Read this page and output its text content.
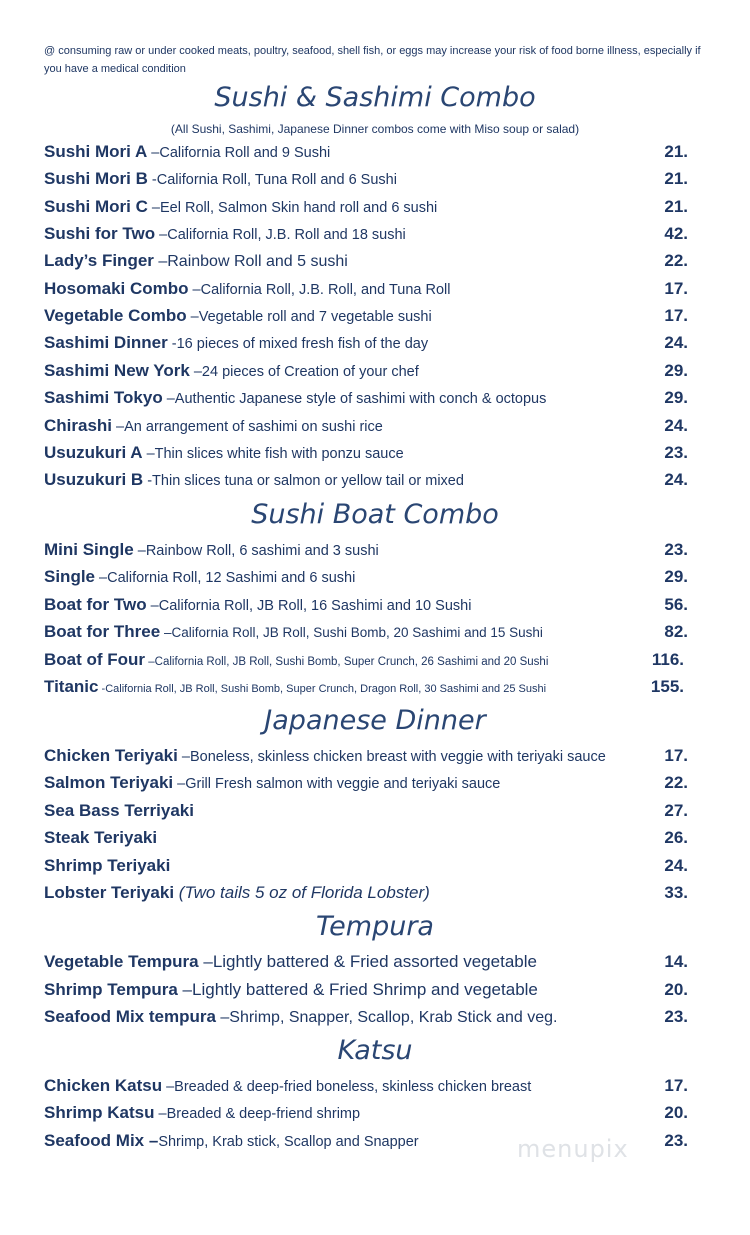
@ consuming raw or under cooked meats, poultry, seafood, shell fish, or eggs may increase your risk of food borne illness, especially if you have a medical condition
Sushi & Sashimi Combo
(All Sushi, Sashimi, Japanese Dinner combos come with Miso soup or salad)
Sushi Mori A –California Roll and 9 Sushi	21.
Sushi Mori B -California Roll, Tuna Roll and 6 Sushi	21.
Sushi Mori C –Eel Roll, Salmon Skin hand roll and 6 sushi	21.
Sushi for Two –California Roll, J.B. Roll and 18 sushi	42.
Lady’s Finger –Rainbow Roll and 5 sushi	22.
Hosomaki Combo –California Roll, J.B. Roll, and Tuna Roll	17.
Vegetable Combo –Vegetable roll and 7 vegetable sushi	17.
Sashimi Dinner -16 pieces of mixed fresh fish of the day	24.
Sashimi New York –24 pieces of Creation of your chef	29.
Sashimi Tokyo –Authentic Japanese style of sashimi with conch & octopus	29.
Chirashi –An arrangement of sashimi on sushi rice	24.
Usuzukuri A –Thin slices white fish with ponzu sauce	23.
Usuzukuri B -Thin slices tuna or salmon or yellow tail or mixed	24.
Sushi Boat Combo
Mini Single –Rainbow Roll, 6 sashimi and 3 sushi	23.
Single –California Roll, 12 Sashimi and 6 sushi	29.
Boat for Two –California Roll, JB Roll, 16 Sashimi and 10 Sushi	56.
Boat for Three –California Roll, JB Roll, Sushi Bomb, 20 Sashimi and 15 Sushi	82.
Boat of Four –California Roll, JB Roll, Sushi Bomb, Super Crunch, 26 Sashimi and 20 Sushi	116.
Titanic -California Roll, JB Roll, Sushi Bomb, Super Crunch, Dragon Roll, 30 Sashimi and 25 Sushi	155.
Japanese Dinner
Chicken Teriyaki –Boneless, skinless chicken breast with veggie with teriyaki sauce	17.
Salmon Teriyaki –Grill Fresh salmon with veggie and teriyaki sauce	22.
Sea Bass Terriyaki	27.
Steak Teriyaki	26.
Shrimp Teriyaki	24.
Lobster Teriyaki (Two tails 5 oz of Florida Lobster)	33.
Tempura
Vegetable Tempura –Lightly battered & Fried assorted vegetable	14.
Shrimp Tempura –Lightly battered & Fried Shrimp and vegetable	20.
Seafood Mix tempura –Shrimp, Snapper, Scallop, Krab Stick and veg.	23.
Katsu
Chicken Katsu –Breaded & deep-fried boneless, skinless chicken breast	17.
Shrimp Katsu –Breaded & deep-friend shrimp	20.
Seafood Mix –Shrimp, Krab stick, Scallop and Snapper	23.
menupix
